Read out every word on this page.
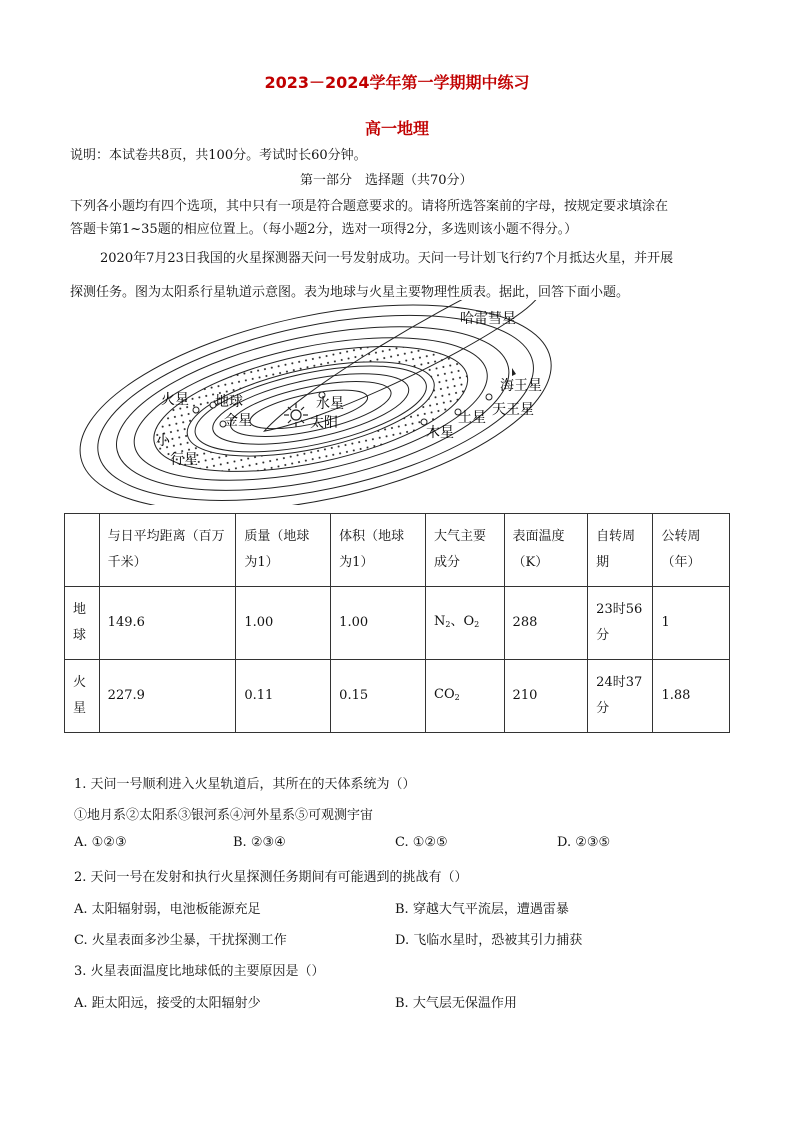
2023－2024学年第一学期期中练习
高一地理
说明：本试卷共8页，共100分。考试时长60分钟。
第一部分　选择题（共70分）
下列各小题均有四个选项，其中只有一项是符合题意要求的。请将所选答案前的字母，按规定要求填涂在
答题卡第1~35题的相应位置上。（每小题2分，选对一项得2分，多选则该小题不得分。）
2020年7月23日我国的火星探测器天问一号发射成功。天问一号计划飞行约7个月抵达火星，并开展
探测任务。图为太阳系行星轨道示意图。表为地球与火星主要物理性质表。据此，回答下面小题。
哈雷彗星
海王星
天王星
土星
木星
水星
太阳
金星
地球
火星
小
行星
	与日平均距离（百万千米）	质量（地球为1）	体积（地球为1）	大气主要成分	表面温度（K）	自转周期	公转周（年）
地球	149.6	1.00	1.00	$N_2$、$O_2$	288	23时56分	1
火星	227.9	0.11	0.15	$CO_2$	210	24时37分	1.88
1. 天问一号顺利进入火星轨道后，其所在的天体系统为（）
①地月系②太阳系③银河系④河外星系⑤可观测宇宙
A. ①②③	B. ②③④	C. ①②⑤	D. ②③⑤
2. 天问一号在发射和执行火星探测任务期间有可能遇到的挑战有（）
A. 太阳辐射弱，电池板能源充足	B. 穿越大气平流层，遭遇雷暴
C. 火星表面多沙尘暴，干扰探测工作	D. 飞临水星时，恐被其引力捕获
3. 火星表面温度比地球低的主要原因是（）
A. 距太阳远，接受的太阳辐射少	B. 大气层无保温作用
